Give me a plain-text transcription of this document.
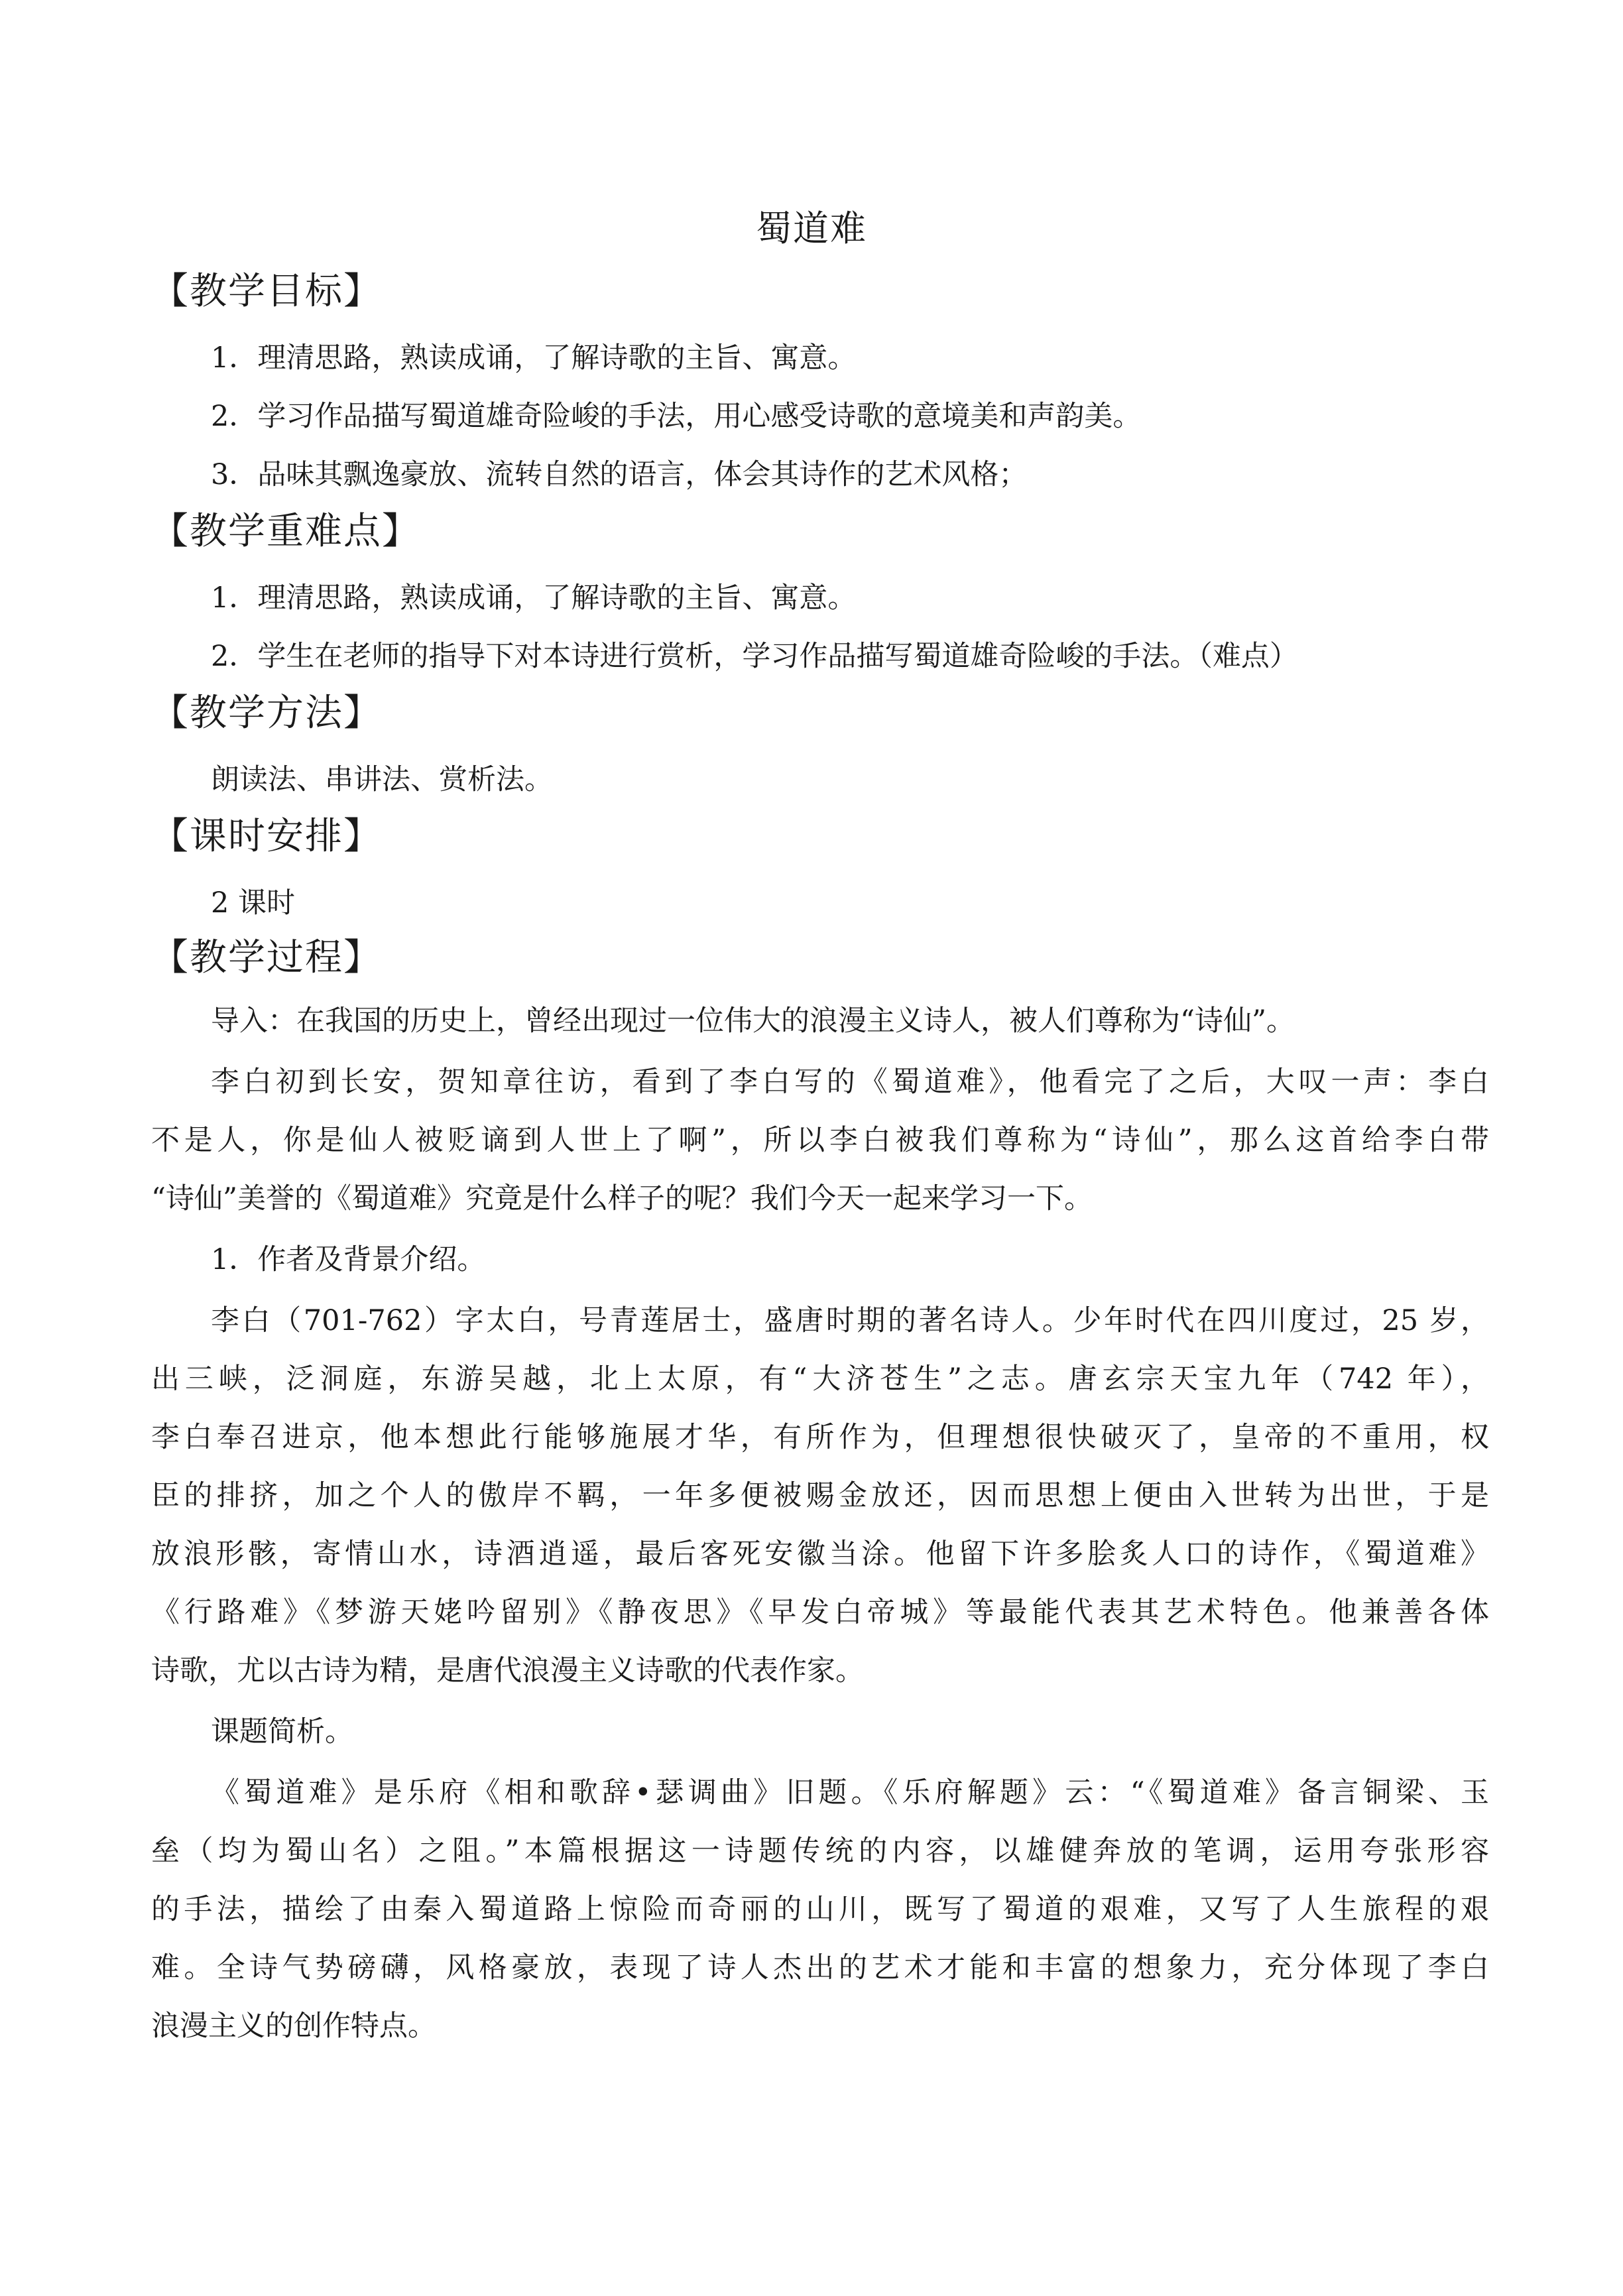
蜀道难
【教学目标】
1．理清思路，熟读成诵，了解诗歌的主旨、寓意。
2．学习作品描写蜀道雄奇险峻的手法，用心感受诗歌的意境美和声韵美。
3．品味其飘逸豪放、流转自然的语言，体会其诗作的艺术风格；
【教学重难点】
1．理清思路，熟读成诵，了解诗歌的主旨、寓意。
2．学生在老师的指导下对本诗进行赏析，学习作品描写蜀道雄奇险峻的手法。（难点）
【教学方法】
朗读法、串讲法、赏析法。
【课时安排】
2 课时
【教学过程】
导入：在我国的历史上，曾经出现过一位伟大的浪漫主义诗人，被人们尊称为“诗仙”。
李白初到长安，贺知章往访，看到了李白写的《蜀道难》，他看完了之后，大叹一声：李白
不是人，你是仙人被贬谪到人世上了啊”，所以李白被我们尊称为“诗仙”，那么这首给李白带
“诗仙”美誉的《蜀道难》究竟是什么样子的呢？我们今天一起来学习一下。
1．作者及背景介绍。
李白（701-762）字太白，号青莲居士，盛唐时期的著名诗人。少年时代在四川度过，25 岁，
出三峡，泛洞庭，东游吴越，北上太原，有“大济苍生”之志。唐玄宗天宝九年（742 年），
李白奉召进京，他本想此行能够施展才华，有所作为，但理想很快破灭了，皇帝的不重用，权
臣的排挤，加之个人的傲岸不羁，一年多便被赐金放还，因而思想上便由入世转为出世，于是
放浪形骸，寄情山水，诗酒逍遥，最后客死安徽当涂。他留下许多脍炙人口的诗作，《蜀道难》
《行路难》《梦游天姥吟留别》《静夜思》《早发白帝城》等最能代表其艺术特色。他兼善各体
诗歌，尤以古诗为精，是唐代浪漫主义诗歌的代表作家。
课题简析。
《蜀道难》是乐府《相和歌辞•瑟调曲》旧题。《乐府解题》云：“《蜀道难》备言铜梁、玉
垒（均为蜀山名）之阻。”本篇根据这一诗题传统的内容，以雄健奔放的笔调，运用夸张形容
的手法，描绘了由秦入蜀道路上惊险而奇丽的山川，既写了蜀道的艰难，又写了人生旅程的艰
难。全诗气势磅礴，风格豪放，表现了诗人杰出的艺术才能和丰富的想象力，充分体现了李白
浪漫主义的创作特点。
